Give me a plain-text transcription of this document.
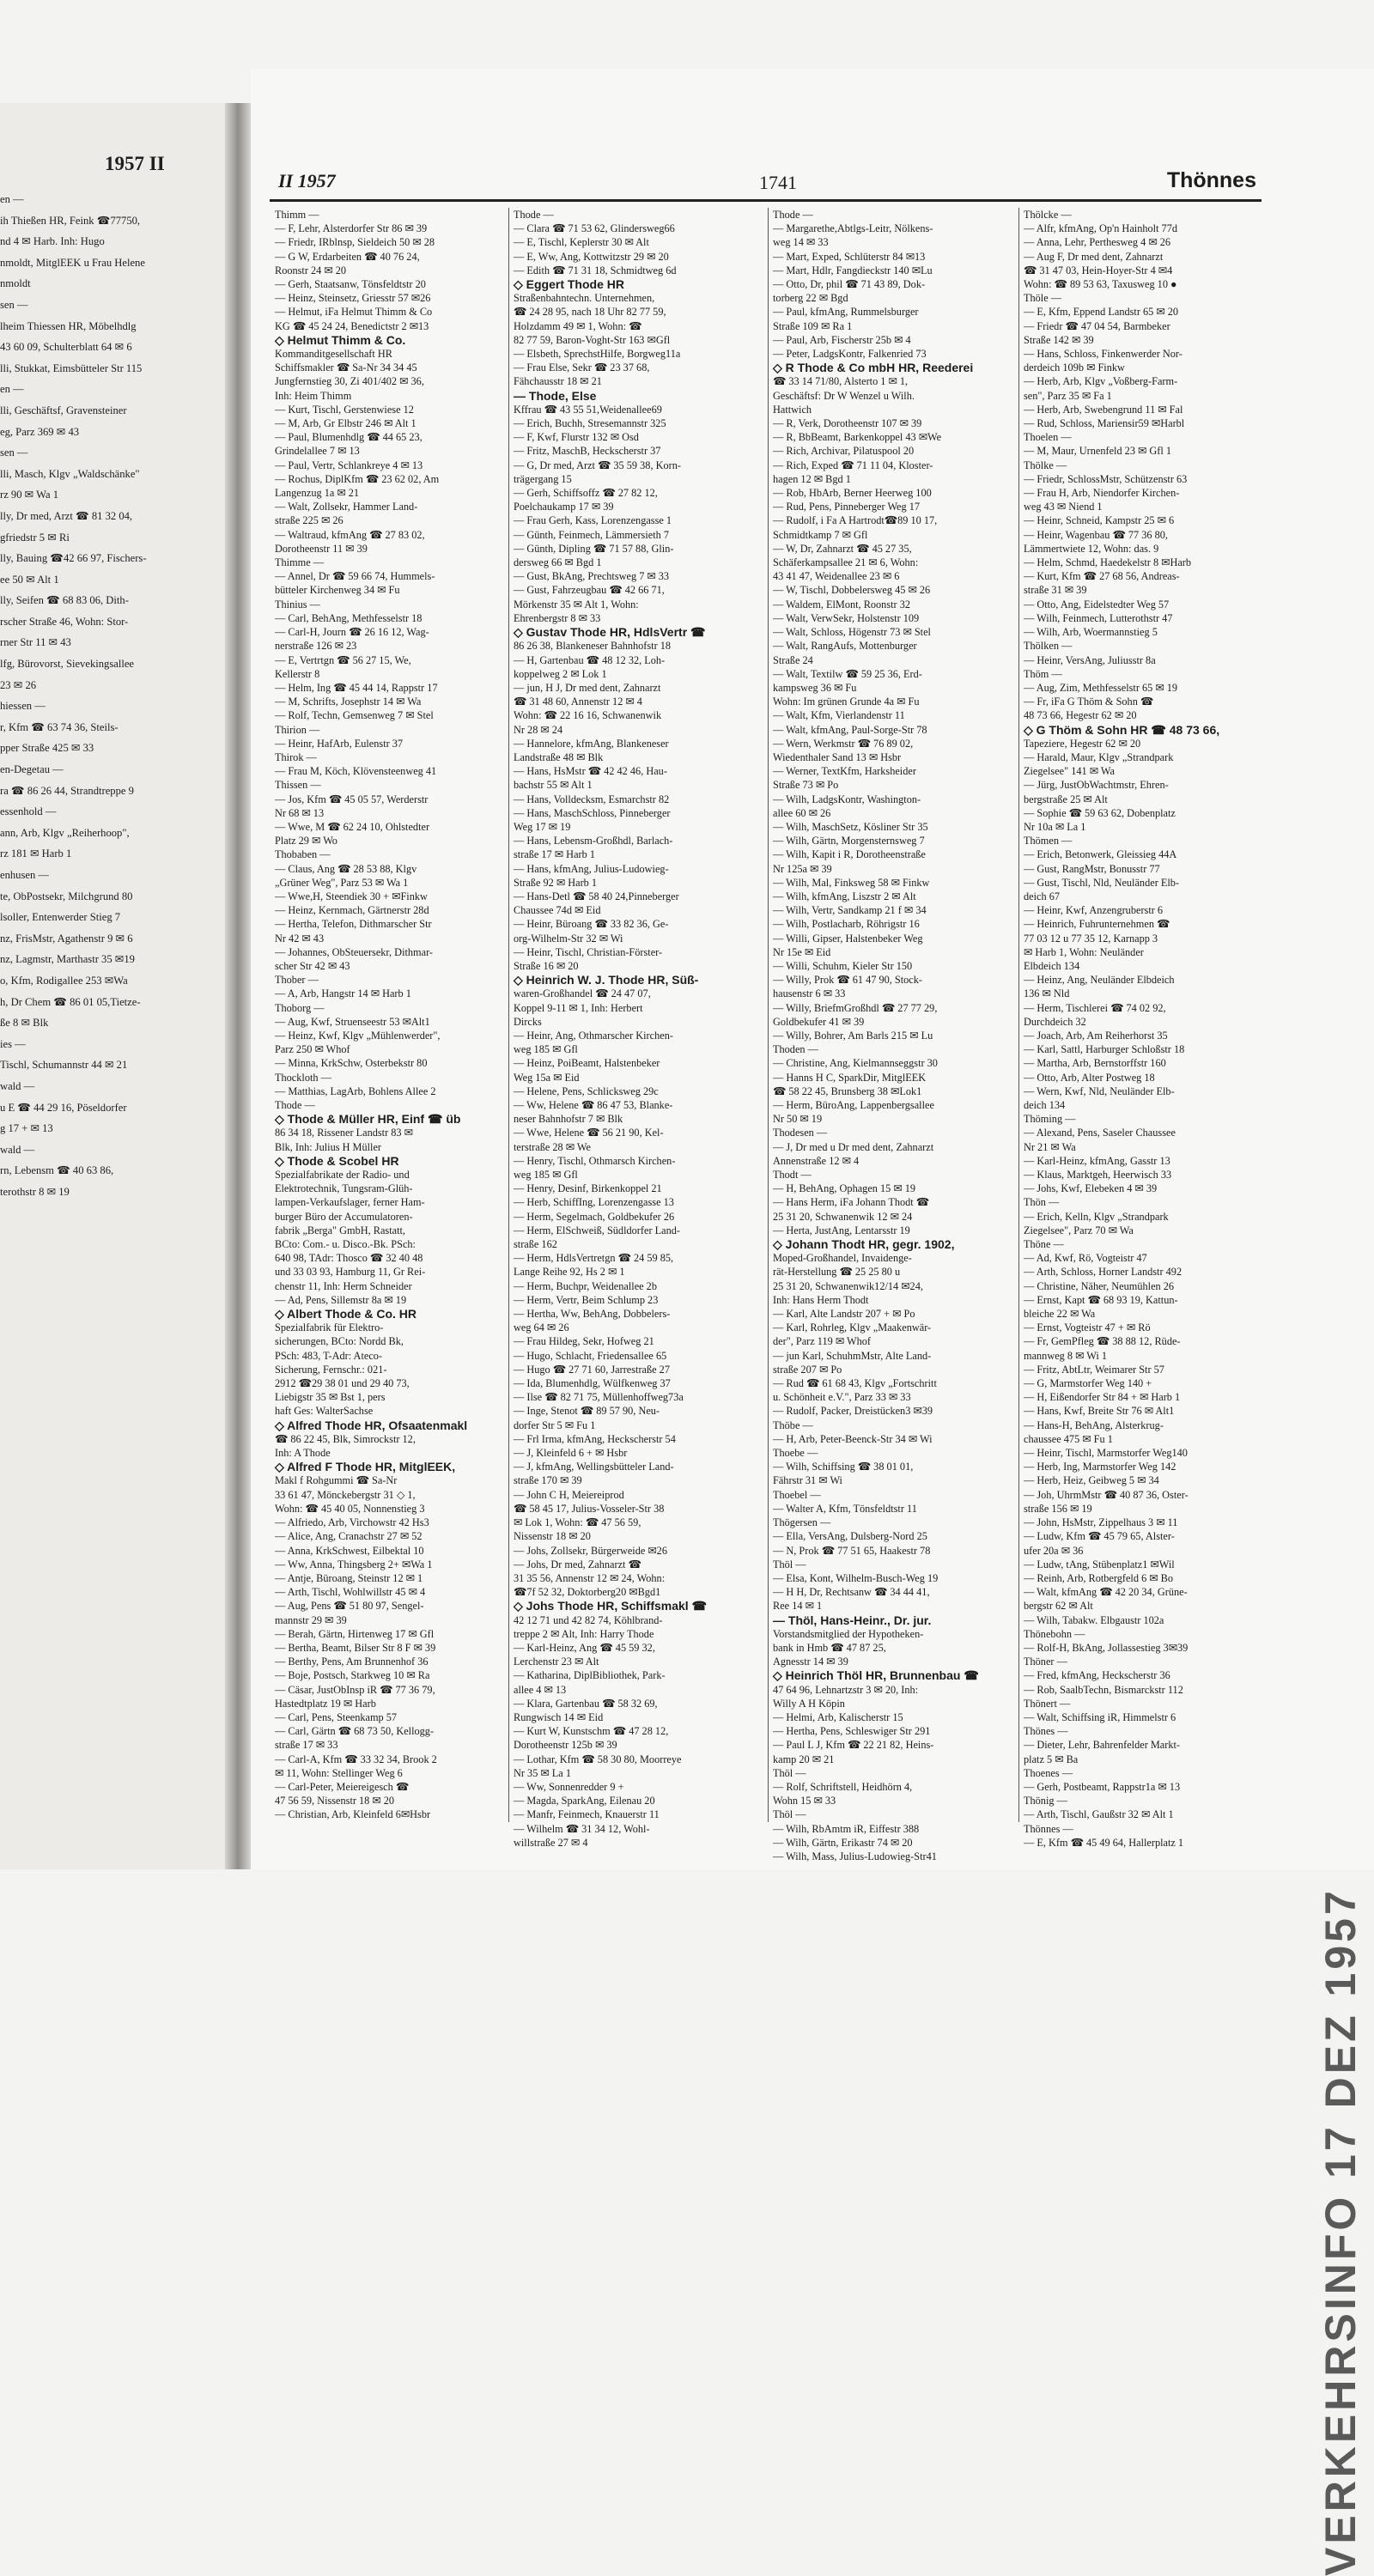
1957 II
en —
ih Thießen HR, Feink ☎77750,
nd 4 ✉ Harb. Inh: Hugo
nmoldt, MitglEEK u Frau Helene
nmoldt
sen —
lheim Thiessen HR, Möbelhdlg
43 60 09, Schulterblatt 64 ✉ 6
lli, Stukkat, Eimsbütteler Str 115
en —
lli, Geschäftsf, Gravensteiner
eg, Parz 369 ✉ 43
sen —
lli, Masch, Klgv „Waldschänke"
rz 90 ✉ Wa 1
lly, Dr med, Arzt ☎ 81 32 04,
gfriedstr 5 ✉ Ri
lly, Bauing ☎42 66 97, Fischers-
ee 50 ✉ Alt 1
lly, Seifen ☎ 68 83 06, Dith-
rscher Straße 46, Wohn: Stor-
rner Str 11 ✉ 43
lfg, Bürovorst, Sievekingsallee
23 ✉ 26
hiessen —
r, Kfm ☎ 63 74 36, Steils-
pper Straße 425 ✉ 33
en-Degetau —
ra ☎ 86 26 44, Strandtreppe 9
essenhold —
ann, Arb, Klgv „Reiherhoop",
rz 181 ✉ Harb 1
enhusen —
te, ObPostsekr, Milchgrund 80
lsoller, Entenwerder Stieg 7
nz, FrisMstr, Agathenstr 9 ✉ 6
nz, Lagmstr, Marthastr 35 ✉19
o, Kfm, Rodigallee 253 ✉Wa
h, Dr Chem ☎ 86 01 05,Tietze-
ße 8 ✉ Blk
ies —
Tischl, Schumannstr 44 ✉ 21
wald —
u E ☎ 44 29 16, Pöseldorfer
g 17 + ✉ 13
wald —
rn, Lebensm ☎ 40 63 86,
terothstr 8 ✉ 19
II 1957	1741	Thönnes
Thimm —
— F, Lehr, Alsterdorfer Str 86 ✉ 39
— Friedr, IRblnsp, Sieldeich 50 ✉ 28
— G W, Erdarbeiten ☎ 40 76 24,
Roonstr 24 ✉ 20
— Gerh, Staatsanw, Tönsfeldtstr 20
— Heinz, Steinsetz, Griesstr 57 ✉26
— Helmut, iFa Helmut Thimm & Co
KG ☎ 45 24 24, Benedictstr 2 ✉13
◇ Helmut Thimm & Co.
Kommanditgesellschaft HR
Schiffsmakler ☎ Sa-Nr 34 34 45
Jungfernstieg 30, Zi 401/402 ✉ 36,
Inh: Heim Thimm
— Kurt, Tischl, Gerstenwiese 12
— M, Arb, Gr Elbstr 246 ✉ Alt 1
— Paul, Blumenhdlg ☎ 44 65 23,
Grindelallee 7 ✉ 13
— Paul, Vertr, Schlankreye 4 ✉ 13
— Rochus, DiplKfm ☎ 23 62 02, Am
Langenzug 1a ✉ 21
— Walt, Zollsekr, Hammer Land-
straße 225 ✉ 26
— Waltraud, kfmAng ☎ 27 83 02,
Dorotheenstr 11 ✉ 39
Thimme —
— Annel, Dr ☎ 59 66 74, Hummels-
bütteler Kirchenweg 34 ✉ Fu
Thinius —
— Carl, BehAng, Methfesselstr 18
— Carl-H, Journ ☎ 26 16 12, Wag-
nerstraße 126 ✉ 23
— E, Vertrtgn ☎ 56 27 15, We,
Kellerstr 8
— Helm, Ing ☎ 45 44 14, Rappstr 17
— M, Schrifts, Josephstr 14 ✉ Wa
— Rolf, Techn, Gemsenweg 7 ✉ Stel
Thirion —
— Heinr, HafArb, Eulenstr 37
Thirok —
— Frau M, Köch, Klövensteenweg 41
Thissen —
— Jos, Kfm ☎ 45 05 57, Werderstr
Nr 68 ✉ 13
— Wwe, M ☎ 62 24 10, Ohlstedter
Platz 29 ✉ Wo
Thobaben —
— Claus, Ang ☎ 28 53 88, Klgv
„Grüner Weg", Parz 53 ✉ Wa 1
— Wwe,H, Steendiek 30 + ✉Finkw
— Heinz, Kernmach, Gärtnerstr 28d
— Hertha, Telefon, Dithmarscher Str
Nr 42 ✉ 43
— Johannes, ObSteuersekr, Dithmar-
scher Str 42 ✉ 43
Thober —
— A, Arb, Hangstr 14 ✉ Harb 1
Thoborg —
— Aug, Kwf, Struenseestr 53 ✉Alt1
— Heinz, Kwf, Klgv „Mühlenwerder",
Parz 250 ✉ Whof
— Minna, KrkSchw, Osterbekstr 80
Thockloth —
— Matthias, LagArb, Bohlens Allee 2
Thode —
◇ Thode & Müller HR, Einf ☎ üb
86 34 18, Rissener Landstr 83 ✉
Blk, Inh: Julius H Müller
◇ Thode & Scobel HR
Spezialfabrikate der Radio- und
Elektrotechnik, Tungsram-Glüh-
lampen-Verkaufslager, ferner Ham-
burger Büro der Accumulatoren-
fabrik „Berga" GmbH, Rastatt,
BCto: Com.- u. Disco.-Bk. PSch:
640 98, TAdr: Thosco ☎ 32 40 48
und 33 03 93, Hamburg 11, Gr Rei-
chenstr 11, Inh: Herm Schneider
— Ad, Pens, Sillemstr 8a ✉ 19
◇ Albert Thode & Co. HR
Spezialfabrik für Elektro-
sicherungen, BCto: Nordd Bk,
PSch: 483, T-Adr: Ateco-
Sicherung, Fernschr.: 021-
2912 ☎29 38 01 und 29 40 73,
Liebigstr 35 ✉ Bst 1, pers
haft Ges: WalterSachse
◇ Alfred Thode HR, Ofsaatenmakl
☎ 86 22 45, Blk, Simrockstr 12,
Inh: A Thode
◇ Alfred F Thode HR, MitglEEK,
Makl f Rohgummi ☎ Sa-Nr
33 61 47, Mönckebergstr 31 ◇ 1,
Wohn: ☎ 45 40 05, Nonnenstieg 3
— Alfriedo, Arb, Virchowstr 42 Hs3
— Alice, Ang, Cranachstr 27 ✉ 52
— Anna, KrkSchwest, Eilbektal 10
— Ww, Anna, Thingsberg 2+ ✉Wa 1
— Antje, Büroang, Steinstr 12 ✉ 1
— Arth, Tischl, Wohlwillstr 45 ✉ 4
— Aug, Pens ☎ 51 80 97, Sengel-
mannstr 29 ✉ 39
— Berah, Gärtn, Hirtenweg 17 ✉ Gfl
— Bertha, Beamt, Bilser Str 8 F ✉ 39
— Berthy, Pens, Am Brunnenhof 36
— Boje, Postsch, Starkweg 10 ✉ Ra
— Cäsar, JustObInsp iR ☎ 77 36 79,
Hastedtplatz 19 ✉ Harb
— Carl, Pens, Steenkamp 57
— Carl, Gärtn ☎ 68 73 50, Kellogg-
straße 17 ✉ 33
— Carl-A, Kfm ☎ 33 32 34, Brook 2
✉ 11, Wohn: Stellinger Weg 6
— Carl-Peter, Meiereigesch ☎
47 56 59, Nissenstr 18 ✉ 20
— Christian, Arb, Kleinfeld 6✉Hsbr
Thode —
— Clara ☎ 71 53 62, Glindersweg66
— E, Tischl, Keplerstr 30 ✉ Alt
— E, Ww, Ang, Kottwitzstr 29 ✉ 20
— Edith ☎ 71 31 18, Schmidtweg 6d
◇ Eggert Thode HR
Straßenbahntechn. Unternehmen,
☎ 24 28 95, nach 18 Uhr 82 77 59,
Holzdamm 49 ✉ 1, Wohn: ☎
82 77 59, Baron-Voght-Str 163 ✉Gfl
— Elsbeth, SprechstHilfe, Borgweg11a
— Frau Else, Sekr ☎ 23 37 68,
Fähchausstr 18 ✉ 21
— Thode, Else
Kffrau ☎ 43 55 51,Weidenallee69
— Erich, Buchh, Stresemannstr 325
— F, Kwf, Flurstr 132 ✉ Osd
— Fritz, MaschB, Heckscherstr 37
— G, Dr med, Arzt ☎ 35 59 38, Korn-
trägergang 15
— Gerh, Schiffsoffz ☎ 27 82 12,
Poelchaukamp 17 ✉ 39
— Frau Gerh, Kass, Lorenzengasse 1
— Günth, Feinmech, Lämmersieth 7
— Günth, Dipling ☎ 71 57 88, Glin-
dersweg 66 ✉ Bgd 1
— Gust, BkAng, Prechtsweg 7 ✉ 33
— Gust, Fahrzeugbau ☎ 42 66 71,
Mörkenstr 35 ✉ Alt 1, Wohn:
Ehrenbergstr 8 ✉ 33
◇ Gustav Thode HR, HdlsVertr ☎
86 26 38, Blankeneser Bahnhofstr 18
— H, Gartenbau ☎ 48 12 32, Loh-
koppelweg 2 ✉ Lok 1
— jun, H J, Dr med dent, Zahnarzt
☎ 31 48 60, Annenstr 12 ✉ 4
Wohn: ☎ 22 16 16, Schwanenwik
Nr 28 ✉ 24
— Hannelore, kfmAng, Blankeneser
Landstraße 48 ✉ Blk
— Hans, HsMstr ☎ 42 42 46, Hau-
bachstr 55 ✉ Alt 1
— Hans, Volldecksm, Esmarchstr 82
— Hans, MaschSchloss, Pinneberger
Weg 17 ✉ 19
— Hans, Lebensm-Großhdl, Barlach-
straße 17 ✉ Harb 1
— Hans, kfmAng, Julius-Ludowieg-
Straße 92 ✉ Harb 1
— Hans-Detl ☎ 58 40 24,Pinneberger
Chaussee 74d ✉ Eid
— Heinr, Büroang ☎ 33 82 36, Ge-
org-Wilhelm-Str 32 ✉ Wi
— Heinr, Tischl, Christian-Förster-
Straße 16 ✉ 20
◇ Heinrich W. J. Thode HR, Süß-
waren-Großhandel ☎ 24 47 07,
Koppel 9-11 ✉ 1, Inh: Herbert
Dircks
— Heinr, Ang, Othmarscher Kirchen-
weg 185 ✉ Gfl
— Heinz, PoiBeamt, Halstenbeker
Weg 15a ✉ Eid
— Helene, Pens, Schlicksweg 29c
— Ww, Helene ☎ 86 47 53, Blanke-
neser Bahnhofstr 7 ✉ Blk
— Wwe, Helene ☎ 56 21 90, Kel-
terstraße 28 ✉ We
— Henry, Tischl, Othmarsch Kirchen-
weg 185 ✉ Gfl
— Henry, Desinf, Birkenkoppel 21
— Herb, SchiffIng, Lorenzengasse 13
— Herm, Segelmach, Goldbekufer 26
— Herm, ElSchweiß, Südldorfer Land-
straße 162
— Herm, HdlsVertretgn ☎ 24 59 85,
Lange Reihe 92, Hs 2 ✉ 1
— Herm, Buchpr, Weidenallee 2b
— Herm, Vertr, Beim Schlump 23
— Hertha, Ww, BehAng, Dobbelers-
weg 64 ✉ 26
— Frau Hildeg, Sekr, Hofweg 21
— Hugo, Schlacht, Friedensallee 65
— Hugo ☎ 27 71 60, Jarrestraße 27
— Ida, Blumenhdlg, Wülfkenweg 37
— Ilse ☎ 82 71 75, Müllenhoffweg73a
— Inge, Stenot ☎ 89 57 90, Neu-
dorfer Str 5 ✉ Fu 1
— Frl Irma, kfmAng, Heckscherstr 54
— J, Kleinfeld 6 + ✉ Hsbr
— J, kfmAng, Wellingsbütteler Land-
straße 170 ✉ 39
— John C H, Meiereiprod
☎ 58 45 17, Julius-Vosseler-Str 38
✉ Lok 1, Wohn: ☎ 47 56 59,
Nissenstr 18 ✉ 20
— Johs, Zollsekr, Bürgerweide ✉26
— Johs, Dr med, Zahnarzt ☎
31 35 56, Annenstr 12 ✉ 24, Wohn:
☎7f 52 32, Doktorberg20 ✉Bgd1
◇ Johs Thode HR, Schiffsmakl ☎
42 12 71 und 42 82 74, Köhlbrand-
treppe 2 ✉ Alt, Inh: Harry Thode
— Karl-Heinz, Ang ☎ 45 59 32,
Lerchenstr 23 ✉ Alt
— Katharina, DiplBibliothek, Park-
allee 4 ✉ 13
— Klara, Gartenbau ☎ 58 32 69,
Rungwisch 14 ✉ Eid
— Kurt W, Kunstschm ☎ 47 28 12,
Dorotheenstr 125b ✉ 39
— Lothar, Kfm ☎ 58 30 80, Moorreye
Nr 35 ✉ La 1
— Ww, Sonnenredder 9 +
— Magda, SparkAng, Eilenau 20
— Manfr, Feinmech, Knauerstr 11
— Wilhelm ☎ 31 34 12, Wohl-
willstraße 27 ✉ 4
Thode —
— Margarethe,Abtlgs-Leitr, Nölkens-
weg 14 ✉ 33
— Mart, Exped, Schlüterstr 84 ✉13
— Mart, Hdlr, Fangdieckstr 140 ✉Lu
— Otto, Dr, phil ☎ 71 43 89, Dok-
torberg 22 ✉ Bgd
— Paul, kfmAng, Rummelsburger
Straße 109 ✉ Ra 1
— Paul, Arb, Fischerstr 25b ✉ 4
— Peter, LadgsKontr, Falkenried 73
◇ R Thode & Co mbH HR, Reederei
☎ 33 14 71/80, Alsterto 1 ✉ 1,
Geschäftsf: Dr W Wenzel u Wilh.
Hattwich
— R, Verk, Dorotheenstr 107 ✉ 39
— R, BbBeamt, Barkenkoppel 43 ✉We
— Rich, Archivar, Pilatuspool 20
— Rich, Exped ☎ 71 11 04, Kloster-
hagen 12 ✉ Bgd 1
— Rob, HbArb, Berner Heerweg 100
— Rud, Pens, Pinneberger Weg 17
— Rudolf, i Fa A Hartrodt☎89 10 17,
Schmidtkamp 7 ✉ Gfl
— W, Dr, Zahnarzt ☎ 45 27 35,
Schäferkampsallee 21 ✉ 6, Wohn:
43 41 47, Weidenallee 23 ✉ 6
— W, Tischl, Dobbelersweg 45 ✉ 26
— Waldem, ElMont, Roonstr 32
— Walt, VerwSekr, Holstenstr 109
— Walt, Schloss, Högenstr 73 ✉ Stel
— Walt, RangAufs, Mottenburger
Straße 24
— Walt, Textilw ☎ 59 25 36, Erd-
kampsweg 36 ✉ Fu
Wohn: Im grünen Grunde 4a ✉ Fu
— Walt, Kfm, Vierlandenstr 11
— Walt, kfmAng, Paul-Sorge-Str 78
— Wern, Werkmstr ☎ 76 89 02,
Wiedenthaler Sand 13 ✉ Hsbr
— Werner, TextKfm, Harksheider
Straße 73 ✉ Po
— Wilh, LadgsKontr, Washington-
allee 60 ✉ 26
— Wilh, MaschSetz, Kösliner Str 35
— Wilh, Gärtn, Morgensternsweg 7
— Wilh, Kapit i R, Dorotheenstraße
Nr 125a ✉ 39
— Wilh, Mal, Finksweg 58 ✉ Finkw
— Wilh, kfmAng, Liszstr 2 ✉ Alt
— Wilh, Vertr, Sandkamp 21 f ✉ 34
— Wilh, Postlacharb, Röhrigstr 16
— Willi, Gipser, Halstenbeker Weg
Nr 15e ✉ Eid
— Willi, Schuhm, Kieler Str 150
— Willy, Prok ☎ 61 47 90, Stock-
hausenstr 6 ✉ 33
— Willy, BriefmGroßhdl ☎ 27 77 29,
Goldbekufer 41 ✉ 39
— Willy, Bohrer, Am Barls 215 ✉ Lu
Thoden —
— Christine, Ang, Kielmannseggstr 30
— Hanns H C, SparkDir, MitglEEK
☎ 58 22 45, Brunsberg 38 ✉Lok1
— Herm, BüroAng, Lappenbergsallee
Nr 50 ✉ 19
Thodesen —
— J, Dr med u Dr med dent, Zahnarzt
Annenstraße 12 ✉ 4
Thodt —
— H, BehAng, Ophagen 15 ✉ 19
— Hans Herm, iFa Johann Thodt ☎
25 31 20, Schwanenwik 12 ✉ 24
— Herta, JustAng, Lentarsstr 19
◇ Johann Thodt HR, gegr. 1902,
Moped-Großhandel, Invaidenge-
rät-Herstellung ☎ 25 25 80 u
25 31 20, Schwanenwik12/14 ✉24,
Inh: Hans Herm Thodt
— Karl, Alte Landstr 207 + ✉ Po
— Karl, Rohrleg, Klgv „Maakenwär-
der", Parz 119 ✉ Whof
— jun Karl, SchuhmMstr, Alte Land-
straße 207 ✉ Po
— Rud ☎ 61 68 43, Klgv „Fortschritt
u. Schönheit e.V.", Parz 33 ✉ 33
— Rudolf, Packer, Dreistücken3 ✉39
Thöbe —
— H, Arb, Peter-Beenck-Str 34 ✉ Wi
Thoebe —
— Wilh, Schiffsing ☎ 38 01 01,
Fährstr 31 ✉ Wi
Thoebel —
— Walter A, Kfm, Tönsfeldtstr 11
Thögersen —
— Ella, VersAng, Dulsberg-Nord 25
— N, Prok ☎ 77 51 65, Haakestr 78
Thöl —
— Elsa, Kont, Wilhelm-Busch-Weg 19
— H H, Dr, Rechtsanw ☎ 34 44 41,
Ree 14 ✉ 1
— Thöl, Hans-Heinr., Dr. jur.
Vorstandsmitglied der Hypotheken-
bank in Hmb ☎ 47 87 25,
Agnesstr 14 ✉ 39
◇ Heinrich Thöl HR, Brunnenbau ☎
47 64 96, Lehnartzstr 3 ✉ 20, Inh:
Willy A H Köpin
— Helmi, Arb, Kalischerstr 15
— Hertha, Pens, Schleswiger Str 291
— Paul L J, Kfm ☎ 22 21 82, Heins-
kamp 20 ✉ 21
Thöl —
— Rolf, Schriftstell, Heidhörn 4,
Wohn 15 ✉ 33
Thöl —
— Wilh, RbAmtm iR, Eiffestr 388
— Wilh, Gärtn, Erikastr 74 ✉ 20
— Wilh, Mass, Julius-Ludowieg-Str41
Thölcke —
— Alfr, kfmAng, Op'n Hainholt 77d
— Anna, Lehr, Perthesweg 4 ✉ 26
— Aug F, Dr med dent, Zahnarzt
☎ 31 47 03, Hein-Hoyer-Str 4 ✉4
Wohn: ☎ 89 53 63, Taxusweg 10 ●
Thöle —
— E, Kfm, Eppend Landstr 65 ✉ 20
— Friedr ☎ 47 04 54, Barmbeker
Straße 142 ✉ 39
— Hans, Schloss, Finkenwerder Nor-
derdeich 109b ✉ Finkw
— Herb, Arb, Klgv „Voßberg-Farm-
sen", Parz 35 ✉ Fa 1
— Herb, Arb, Swebengrund 11 ✉ Fal
— Rud, Schloss, Mariensir59 ✉Harbl
Thoelen —
— M, Maur, Urnenfeld 23 ✉ Gfl 1
Thölke —
— Friedr, SchlossMstr, Schützenstr 63
— Frau H, Arb, Niendorfer Kirchen-
weg 43 ✉ Niend 1
— Heinr, Schneid, Kampstr 25 ✉ 6
— Heinr, Wagenbau ☎ 77 36 80,
Lämmertwiete 12, Wohn: das. 9
— Helm, Schmd, Haedekelstr 8 ✉Harb
— Kurt, Kfm ☎ 27 68 56, Andreas-
straße 31 ✉ 39
— Otto, Ang, Eidelstedter Weg 57
— Wilh, Feinmech, Lutterothstr 47
— Wilh, Arb, Woermannstieg 5
Thölken —
— Heinr, VersAng, Juliusstr 8a
Thöm —
— Aug, Zim, Methfesselstr 65 ✉ 19
— Fr, iFa G Thöm & Sohn ☎
48 73 66, Hegestr 62 ✉ 20
◇ G Thöm & Sohn HR ☎ 48 73 66,
Tapeziere, Hegestr 62 ✉ 20
— Harald, Maur, Klgv „Strandpark
Ziegelsee" 141 ✉ Wa
— Jürg, JustObWachtmstr, Ehren-
bergstraße 25 ✉ Alt
— Sophie ☎ 59 63 62, Dobenplatz
Nr 10a ✉ La 1
Thömen —
— Erich, Betonwerk, Gleissieg 44A
— Gust, RangMstr, Bonusstr 77
— Gust, Tischl, Nld, Neuländer Elb-
deich 67
— Heinr, Kwf, Anzengruberstr 6
— Heinrich, Fuhrunternehmen ☎
77 03 12 u 77 35 12, Karnapp 3
✉ Harb 1, Wohn: Neuländer
Elbdeich 134
— Heinz, Ang, Neuländer Elbdeich
136 ✉ Nld
— Herm, Tischlerei ☎ 74 02 92,
Durchdeich 32
— Joach, Arb, Am Reiherhorst 35
— Karl, Sattl, Harburger Schloßstr 18
— Martha, Arb, Bernstorffstr 160
— Otto, Arb, Alter Postweg 18
— Wern, Kwf, Nld, Neuländer Elb-
deich 134
Thöming —
— Alexand, Pens, Saseler Chaussee
Nr 21 ✉ Wa
— Karl-Heinz, kfmAng, Gasstr 13
— Klaus, Marktgeh, Heerwisch 33
— Johs, Kwf, Elebeken 4 ✉ 39
Thön —
— Erich, Kelln, Klgv „Strandpark
Ziegelsee", Parz 70 ✉ Wa
Thöne —
— Ad, Kwf, Rö, Vogteistr 47
— Arth, Schloss, Horner Landstr 492
— Christine, Näher, Neumühlen 26
— Ernst, Kapt ☎ 68 93 19, Kattun-
bleiche 22 ✉ Wa
— Ernst, Vogteistr 47 + ✉ Rö
— Fr, GemPfleg ☎ 38 88 12, Rüde-
mannweg 8 ✉ Wi 1
— Fritz, AbtLtr, Weimarer Str 57
— G, Marmstorfer Weg 140 +
— H, Eißendorfer Str 84 + ✉ Harb 1
— Hans, Kwf, Breite Str 76 ✉ Alt1
— Hans-H, BehAng, Alsterkrug-
chaussee 475 ✉ Fu 1
— Heinr, Tischl, Marmstorfer Weg140
— Herb, Ing, Marmstorfer Weg 142
— Herb, Heiz, Geibweg 5 ✉ 34
— Joh, UhrmMstr ☎ 40 87 36, Oster-
straße 156 ✉ 19
— John, HsMstr, Zippelhaus 3 ✉ 11
— Ludw, Kfm ☎ 45 79 65, Alster-
ufer 20a ✉ 36
— Ludw, tAng, Stübenplatz1 ✉Wil
— Reinh, Arb, Rotbergfeld 6 ✉ Bo
— Walt, kfmAng ☎ 42 20 34, Grüne-
bergstr 62 ✉ Alt
— Wilh, Tabakw. Elbgaustr 102a
Thönebohn —
— Rolf-H, BkAng, Jollassestieg 3✉39
Thöner —
— Fred, kfmAng, Heckscherstr 36
— Rob, SaalbTechn, Bismarckstr 112
Thönert —
— Walt, Schiffsing iR, Himmelstr 6
Thönes —
— Dieter, Lehr, Bahrenfelder Markt-
platz 5 ✉ Ba
Thoenes —
— Gerh, Postbeamt, Rappstr1a ✉ 13
Thönig —
— Arth, Tischl, Gaußstr 32 ✉ Alt 1
Thönnes —
— E, Kfm ☎ 45 49 64, Hallerplatz 1
VERKEHRSINFO 17 DEZ 1957
